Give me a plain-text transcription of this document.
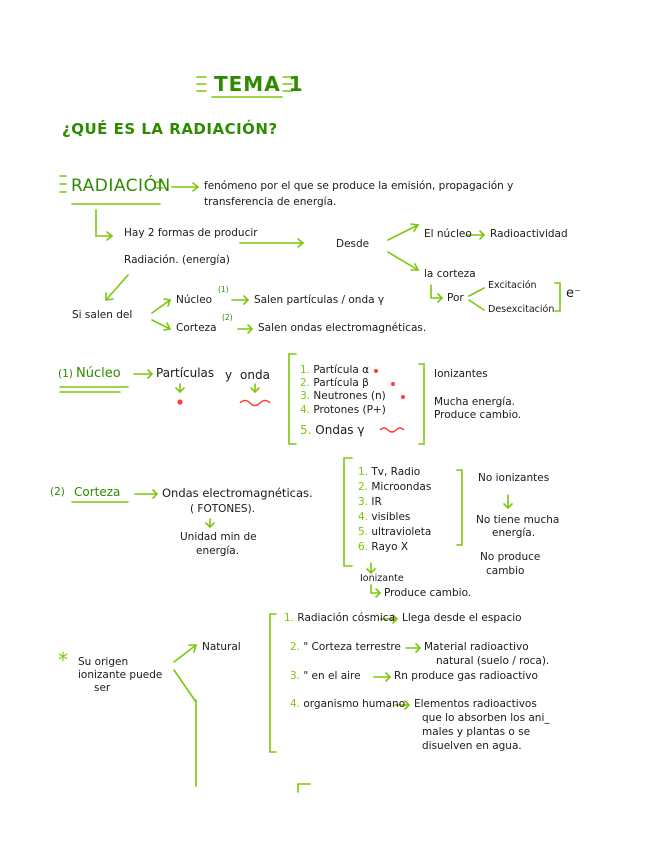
TEMA 1
¿QUÉ ES LA RADIACIÓN?
RADIACIÓN	fenómeno por el que se produce la emisión, propagación y
transferencia de energía.
Hay 2 formas de producir
Radiación. (energía)
Desde
El núcleo Radioactividad
la corteza
Por
Excitación
Desexcitación
e⁻
Si salen del
Núcleo
(1)
Salen partículas / onda γ
Corteza
(2)
Salen ondas electromagnéticas.
(1) Núcleo	Partículas y onda	1. Partícula α
2. Partícula β
3. Neutrones (n)
4. Protones (P+)
5. Ondas γ
Ionizantes
Mucha energía.
Produce cambio.
(2) Corteza	Ondas electromagnéticas.
( FOTONES).
Unidad min de
energía.
1. Tv, Radio
2. Microondas
3. IR
4. visibles
5. ultravioleta
6. Rayo X
No ionizantes
No tiene mucha
energía.
No produce
cambio
Ionizante
Produce cambio.
* Su origen
ionizante puede
ser
Natural
1. Radiación cósmica Llega desde el espacio
2. " Corteza terrestre Material radioactivo
natural (suelo / roca).
3. " en el aire	Rn produce gas radioactivo
4. organismo humano Elementos radioactivos
que lo absorben los ani_
males y plantas o se
disuelven en agua.
